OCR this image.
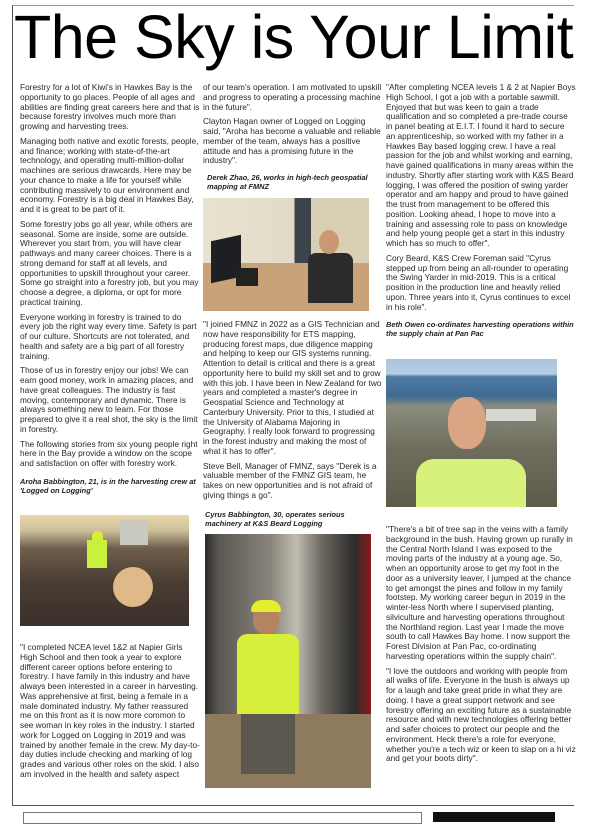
The Sky is Your Limit

Forestry for a lot of Kiwi's in Hawkes Bay is the opportunity to go places. People of all ages and abilities are finding great careers here and that is because forestry involves much more than growing and harvesting trees.

Managing both native and exotic forests, people, and finance; working with state-of-the-art technology, and operating multi-million-dollar machines are serious drawcards. Here may be your chance to make a life for yourself while contributing massively to our environment and economy. Forestry is a big deal in Hawkes Bay, and it is great to be part of it.

Some forestry jobs go all year, while others are seasonal. Some are inside, some are outside. Wherever you start from, you will have clear pathways and many career choices. There is a strong demand for staff at all levels, and opportunities to upskill throughout your career. Some go straight into a forestry job, but you may choose a degree, a diploma, or opt for more practical training.

Everyone working in forestry is trained to do every job the right way every time. Safety is part of our culture. Shortcuts are not tolerated, and health and safety are a big part of all forestry training.

Those of us in forestry enjoy our jobs! We can earn good money, work in amazing places, and have great colleagues. The industry is fast moving, contemporary and dynamic. There is always something new to learn. For those prepared to give it a real shot, the sky is the limit in forestry.

The following stories from six young people right here in the Bay provide a window on the scope and satisfaction on offer with forestry work.

Aroha Babbington, 21, is in the harvesting crew at 'Logged on Logging'

"I completed NCEA level 1&2 at Napier Girls High School and then took a year to explore different career options before entering to forestry. I have family in this industry and have always been interested in a career in harvesting. Was apprehensive at first, being a female in a male dominated industry. My father reassured me on this front as it is now more common to see woman in key roles in the industry. I started work for Logged on Logging in 2019 and was trained by another female in the crew. My day-to-day duties include checking and marking of log grades and various other roles on the skid. I also am involved in the health and safety aspect

of our team's operation. I am motivated to upskill and progress to operating a processing machine in the future".

Clayton Hagan owner of Logged on Logging said, "Aroha has become a valuable and reliable member of the team, always has a positive attitude and has a promising future in the industry".

Derek Zhao, 26, works in high-tech geospatial mapping at FMNZ

"I joined FMNZ in 2022 as a GIS Technician and now have responsibility for ETS mapping, producing forest maps, due diligence mapping and helping to keep our GIS systems running. Attention to detail is critical and there is a great opportunity here to build my skill set and to grow with this job. I have been in New Zealand for two years and completed a master's degree in Geospatial Science and Technology at Canterbury University. Prior to this, I studied at the University of Alabama Majoring in Geography. I really look forward to progressing in the forest industry and making the most of what it has to offer".

Steve Bell, Manager of FMNZ, says "Derek is a valuable member of the FMNZ GIS team, he takes on new opportunities and is not afraid of giving things a go".

Cyrus Babbington, 30, operates serious machinery at K&S Beard Logging

"After completing NCEA levels 1 & 2 at Napier Boys High School, I got a job with a portable sawmill. Enjoyed that but was keen to gain a trade qualification and so completed a pre-trade course in panel beating at E.I.T. I found it hard to secure an apprenticeship, so worked with my father in a Hawkes Bay based logging crew. I have a real passion for the job and whilst working and earning, have gained qualifications in many areas within the industry. Shortly after starting work with K&S Beard logging, I was offered the position of swing yarder operator and am happy and proud to have gained the trust from management to be offered this position. Looking ahead, I hope to move into a training and assessing role to pass on knowledge and help young people get a start in this industry which has so much to offer".

Cory Beard, K&S Crew Foreman said "Cyrus stepped up from being an all-rounder to operating the Swing Yarder in mid-2019. This is a critical position in the production line and heavily relied upon. Three years into it, Cyrus continues to excel in his role".

Beth Owen co-ordinates harvesting operations within the supply chain at Pan Pac

"There's a bit of tree sap in the veins with a family background in the bush. Having grown up rurally in the Central North Island I was exposed to the moving parts of the industry at a young age. So, when an opportunity arose to get my foot in the door as a university leaver, I jumped at the chance to get amongst the pines and follow in my family footstep. My working career begun in 2019 in the winter-less North where I supervised planting, silviculture and harvesting operations throughout the Northland region. Last year I made the move south to call Hawkes Bay home. I now support the Forest Division at Pan Pac, co-ordinating harvesting operations within the supply chain".

"I love the outdoors and working with people from all walks of life. Everyone in the bush is always up for a laugh and take great pride in what they are doing. I have a great support network and see forestry offering an exciting future as a sustainable resource and with new technologies offering better and safer choices to protect our people and the environment. Heck there's a role for everyone, whether you're a tech wiz or keen to slap on a hi viz and get your boots dirty".
